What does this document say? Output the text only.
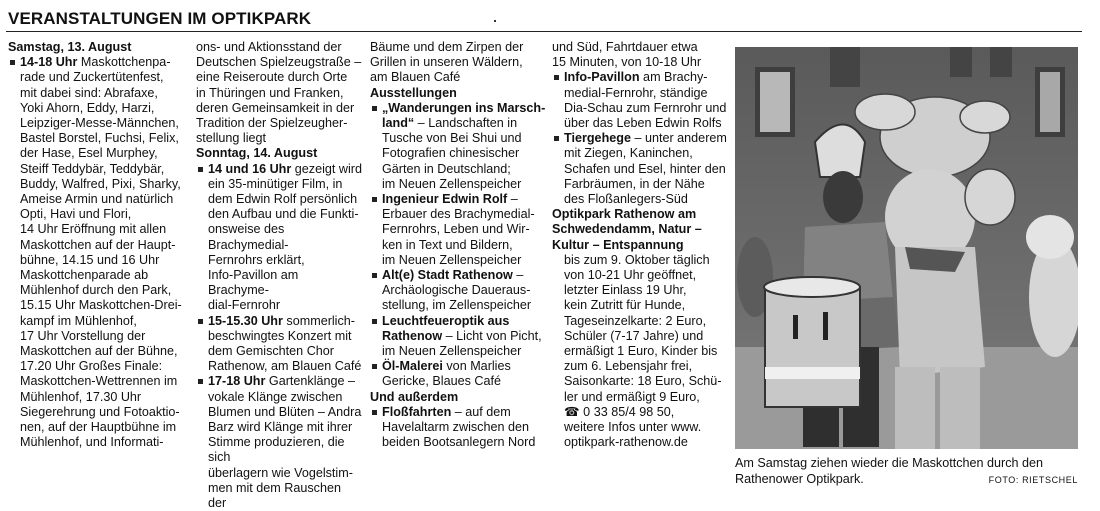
VERANSTALTUNGEN IM OPTIKPARK
Samstag, 13. August
14-18 Uhr Maskottchenpa-
rade und Zuckertütenfest,
mit dabei sind: Abrafaxe,
Yoki Ahorn, Eddy, Harzi,
Leipziger-Messe-Männchen,
Bastel Borstel, Fuchsi, Felix,
der Hase, Esel Murphey,
Steiff Teddybär, Teddybär,
Buddy, Walfred, Pixi, Sharky,
Ameise Armin und natürlich
Opti, Havi und Flori,
14 Uhr Eröffnung mit allen
Maskottchen auf der Haupt-
bühne, 14.15 und 16 Uhr
Maskottchenparade ab
Mühlenhof durch den Park,
15.15 Uhr Maskottchen-Drei-
kampf im Mühlenhof,
17 Uhr Vorstellung der
Maskottchen auf der Bühne,
17.20 Uhr Großes Finale:
Maskottchen-Wettrennen im
Mühlenhof, 17.30 Uhr
Siegerehrung und Fotoaktio-
nen, auf der Hauptbühne im
Mühlenhof, und Informati-
ons- und Aktionsstand der
Deutschen Spielzeugstraße –
eine Reiseroute durch Orte
in Thüringen und Franken,
deren Gemeinsamkeit in der
Tradition der Spielzeugher-
stellung liegt
Sonntag, 14. August
14 und 16 Uhr gezeigt wird
ein 35-minütiger Film, in
dem Edwin Rolf persönlich
den Aufbau und die Funkti-
onsweise des Brachymedial-
Fernrohrs erklärt,
Info-Pavillon am Brachyme-
dial-Fernrohr
15-15.30 Uhr sommerlich-
beschwingtes Konzert mit
dem Gemischten Chor
Rathenow, am Blauen Café
17-18 Uhr Gartenklänge –
vokale Klänge zwischen
Blumen und Blüten – Andra
Barz wird Klänge mit ihrer
Stimme produzieren, die sich
überlagern wie Vogelstim-
men mit dem Rauschen der
Bäume und dem Zirpen der
Grillen in unseren Wäldern,
am Blauen Café
Ausstellungen
„Wanderungen ins Marsch-
land“ – Landschaften in
Tusche von Bei Shui und
Fotografien chinesischer
Gärten in Deutschland;
im Neuen Zellenspeicher
Ingenieur Edwin Rolf –
Erbauer des Brachymedial-
Fernrohrs, Leben und Wir-
ken in Text und Bildern,
im Neuen Zellenspeicher
Alt(e) Stadt Rathenow –
Archäologische Daueraus-
stellung, im Zellenspeicher
Leuchtfeueroptik aus
Rathenow – Licht von Picht,
im Neuen Zellenspeicher
Öl-Malerei von Marlies
Gericke, Blaues Café
Und außerdem
Floßfahrten – auf dem
Havelaltarm zwischen den
beiden Bootsanlegern Nord
und Süd, Fahrtdauer etwa
15 Minuten, von 10-18 Uhr
Info-Pavillon am Brachy-
medial-Fernrohr, ständige
Dia-Schau zum Fernrohr und
über das Leben Edwin Rolfs
Tiergehege – unter anderem
mit Ziegen, Kaninchen,
Schafen und Esel, hinter den
Farbräumen, in der Nähe
des Floßanlegers-Süd
Optikpark Rathenow am
Schwedendamm, Natur –
Kultur – Entspannung
bis zum 9. Oktober täglich
von 10-21 Uhr geöffnet,
letzter Einlass 19 Uhr,
kein Zutritt für Hunde,
Tageseinzelkarte: 2 Euro,
Schüler (7-17 Jahre) und
ermäßigt 1 Euro, Kinder bis
zum 6. Lebensjahr frei,
Saisonkarte: 18 Euro, Schü-
ler und ermäßigt 9 Euro,
☎ 0 33 85/4 98 50,
weitere Infos unter www.
optikpark-rathenow.de
Am Samstag ziehen wieder die Maskottchen durch den Rathenower Optikpark.	FOTO: RIETSCHEL
